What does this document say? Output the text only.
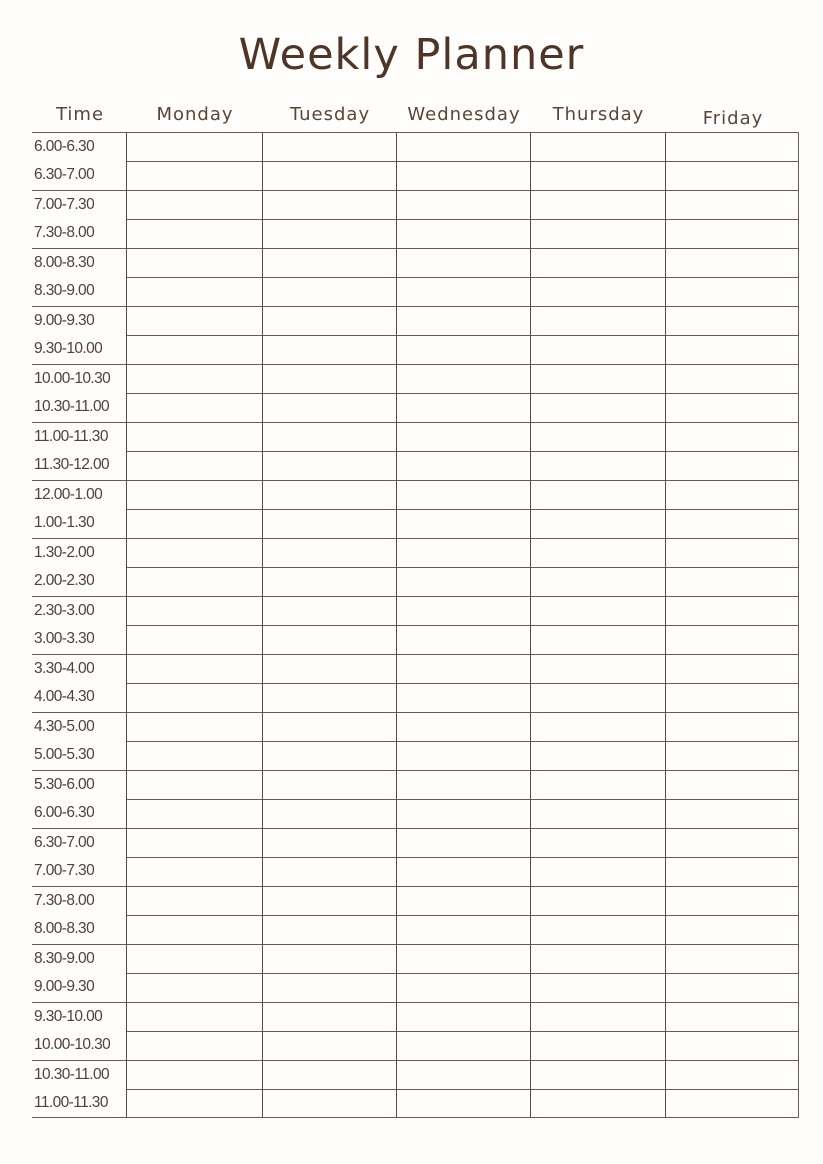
Weekly Planner
Time	Monday	Tuesday	Wednesday	Thursday	Friday
6.00-6.30
6.30-7.00
7.00-7.30
7.30-8.00
8.00-8.30
8.30-9.00
9.00-9.30
9.30-10.00
10.00-10.30
10.30-11.00
11.00-11.30
11.30-12.00
12.00-1.00
1.00-1.30
1.30-2.00
2.00-2.30
2.30-3.00
3.00-3.30
3.30-4.00
4.00-4.30
4.30-5.00
5.00-5.30
5.30-6.00
6.00-6.30
6.30-7.00
7.00-7.30
7.30-8.00
8.00-8.30
8.30-9.00
9.00-9.30
9.30-10.00
10.00-10.30
10.30-11.00
11.00-11.30
